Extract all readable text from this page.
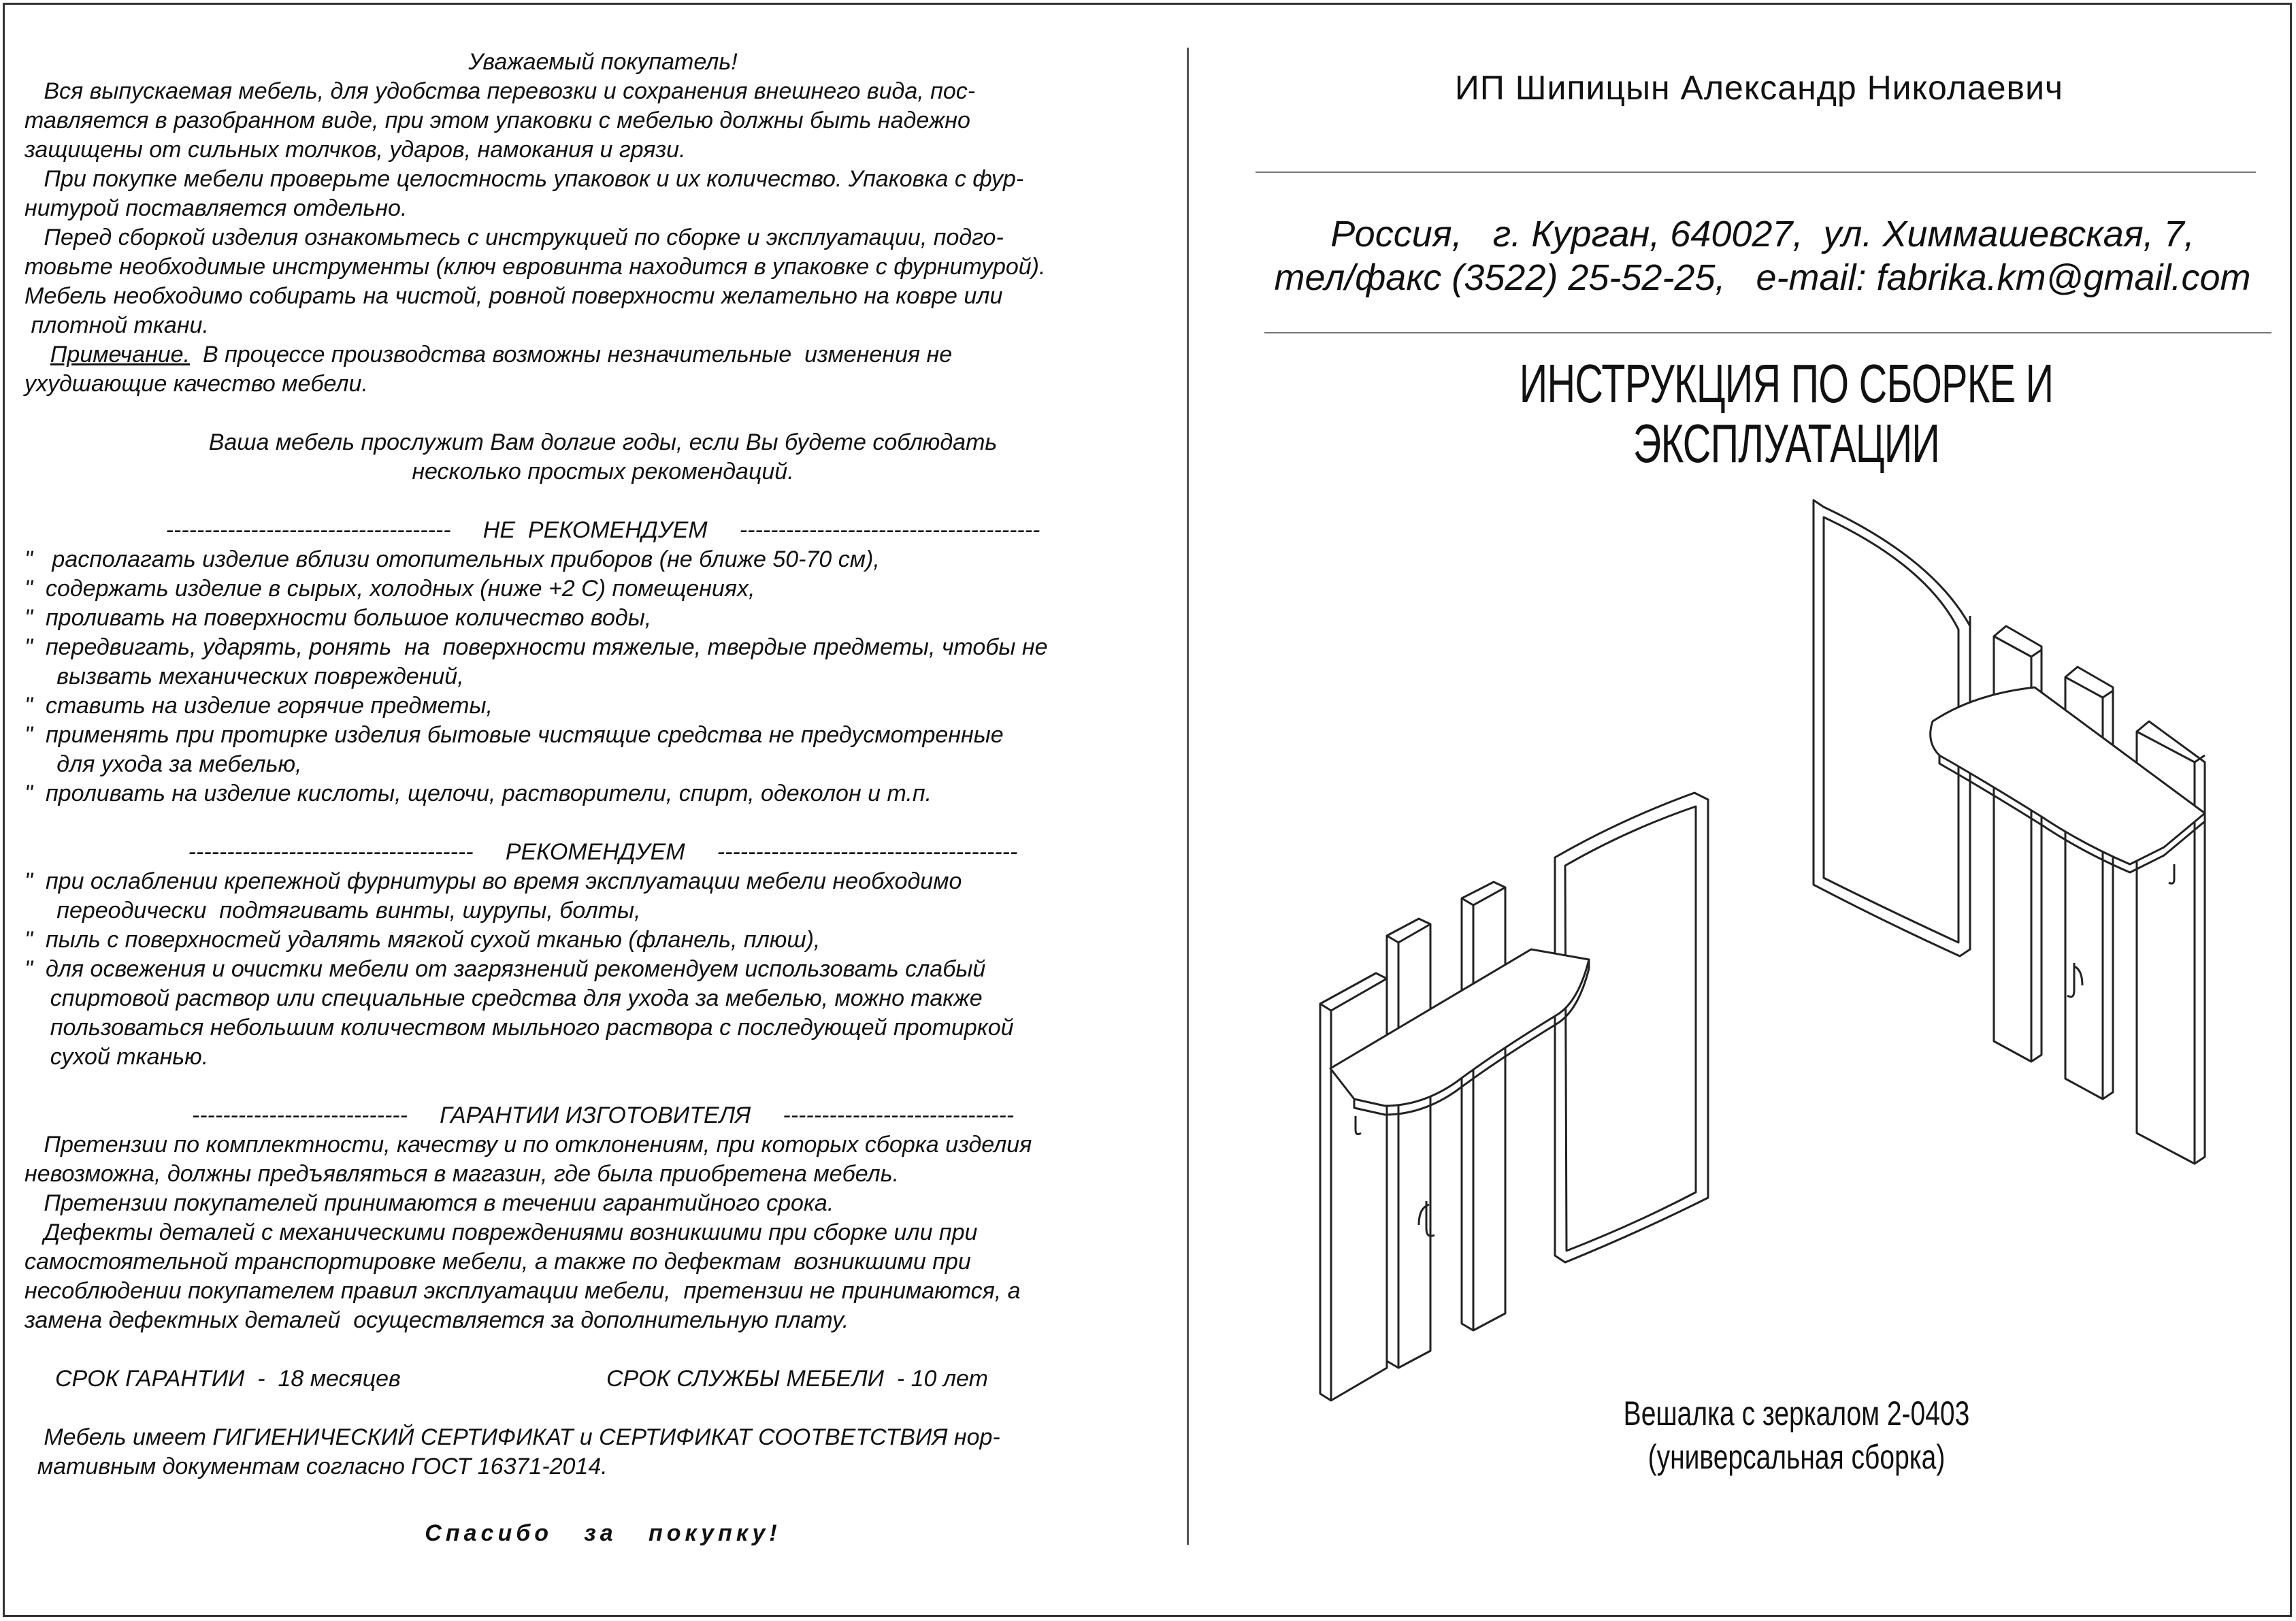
Уважаемый покупатель!

Вся выпускаемая мебель, для удобства перевозки и сохранения внешнего вида, пос-

тавляется в разобранном виде, при этом упаковки с мебелью должны быть надежно

защищены от сильных толчков, ударов, намокания и грязи.

При покупке мебели проверьте целостность упаковок и их количество. Упаковка с фур-

нитурой поставляется отдельно.

Перед сборкой изделия ознакомьтесь с инструкцией по сборке и эксплуатации, подго-

товьте необходимые инструменты (ключ евровинта находится в упаковке с фурнитурой).

Мебель необходимо собирать на чистой, ровной поверхности желательно на ковре или

плотной ткани.

Примечание.  В процессе производства возможны незначительные  изменения не

ухудшающие качество мебели.

Ваша мебель прослужит Вам долгие годы, если Вы будете соблюдать

несколько простых рекомендаций.

-------------------------------------     НЕ  РЕКОМЕНДУЕМ     ---------------------------------------

"   располагать изделие вблизи отопительных приборов (не ближе 50-70 см),

"  содержать изделие в сырых, холодных (ниже +2 С) помещениях,

"  проливать на поверхности большое количество воды,

"  передвигать, ударять, ронять  на  поверхности тяжелые, твердые предметы, чтобы не

вызвать механических повреждений,

"  ставить на изделие горячие предметы,

"  применять при протирке изделия бытовые чистящие средства не предусмотренные

для ухода за мебелью,

"  проливать на изделие кислоты, щелочи, растворители, спирт, одеколон и т.п.

-------------------------------------     РЕКОМЕНДУЕМ     ---------------------------------------

"  при ослаблении крепежной фурнитуры во время эксплуатации мебели необходимо

переодически  подтягивать винты, шурупы, болты,

"  пыль с поверхностей удалять мягкой сухой тканью (фланель, плюш),

"  для освежения и очистки мебели от загрязнений рекомендуем использовать слабый

спиртовой раствор или специальные средства для ухода за мебелью, можно также

пользоваться небольшим количеством мыльного раствора с последующей протиркой

сухой тканью.

----------------------------     ГАРАНТИИ ИЗГОТОВИТЕЛЯ     ------------------------------

Претензии по комплектности, качеству и по отклонениям, при которых сборка изделия

невозможна, должны предъявляться в магазин, где была приобретена мебель.

Претензии покупателей принимаются в течении гарантийного срока.

Дефекты деталей с механическими повреждениями возникшими при сборке или при

самостоятельной транспортировке мебели, а также по дефектам  возникшими при

несоблюдении покупателем правил эксплуатации мебели,  претензии не принимаются, а

замена дефектных деталей  осуществляется за дополнительную плату.

СРОК ГАРАНТИИ  -  18 месяцев	СРОК СЛУЖБЫ МЕБЕЛИ  - 10 лет

Мебель имеет ГИГИЕНИЧЕСКИЙ СЕРТИФИКАТ и СЕРТИФИКАТ СООТВЕТСТВИЯ нор-

мативным документам согласно ГОСТ 16371-2014.

Спасибо   за   покупку!

ИП Шипицын Александр Николаевич
Россия,   г. Курган, 640027,  ул. Химмашевская, 7,
тел/факс (3522) 25-52-25,   e-mail: fabrika.km@gmail.com
ИНСТРУКЦИЯ ПО СБОРКЕ И
ЭКСПЛУАТАЦИИ
Вешалка с зеркалом 2-0403
(универсальная сборка)
